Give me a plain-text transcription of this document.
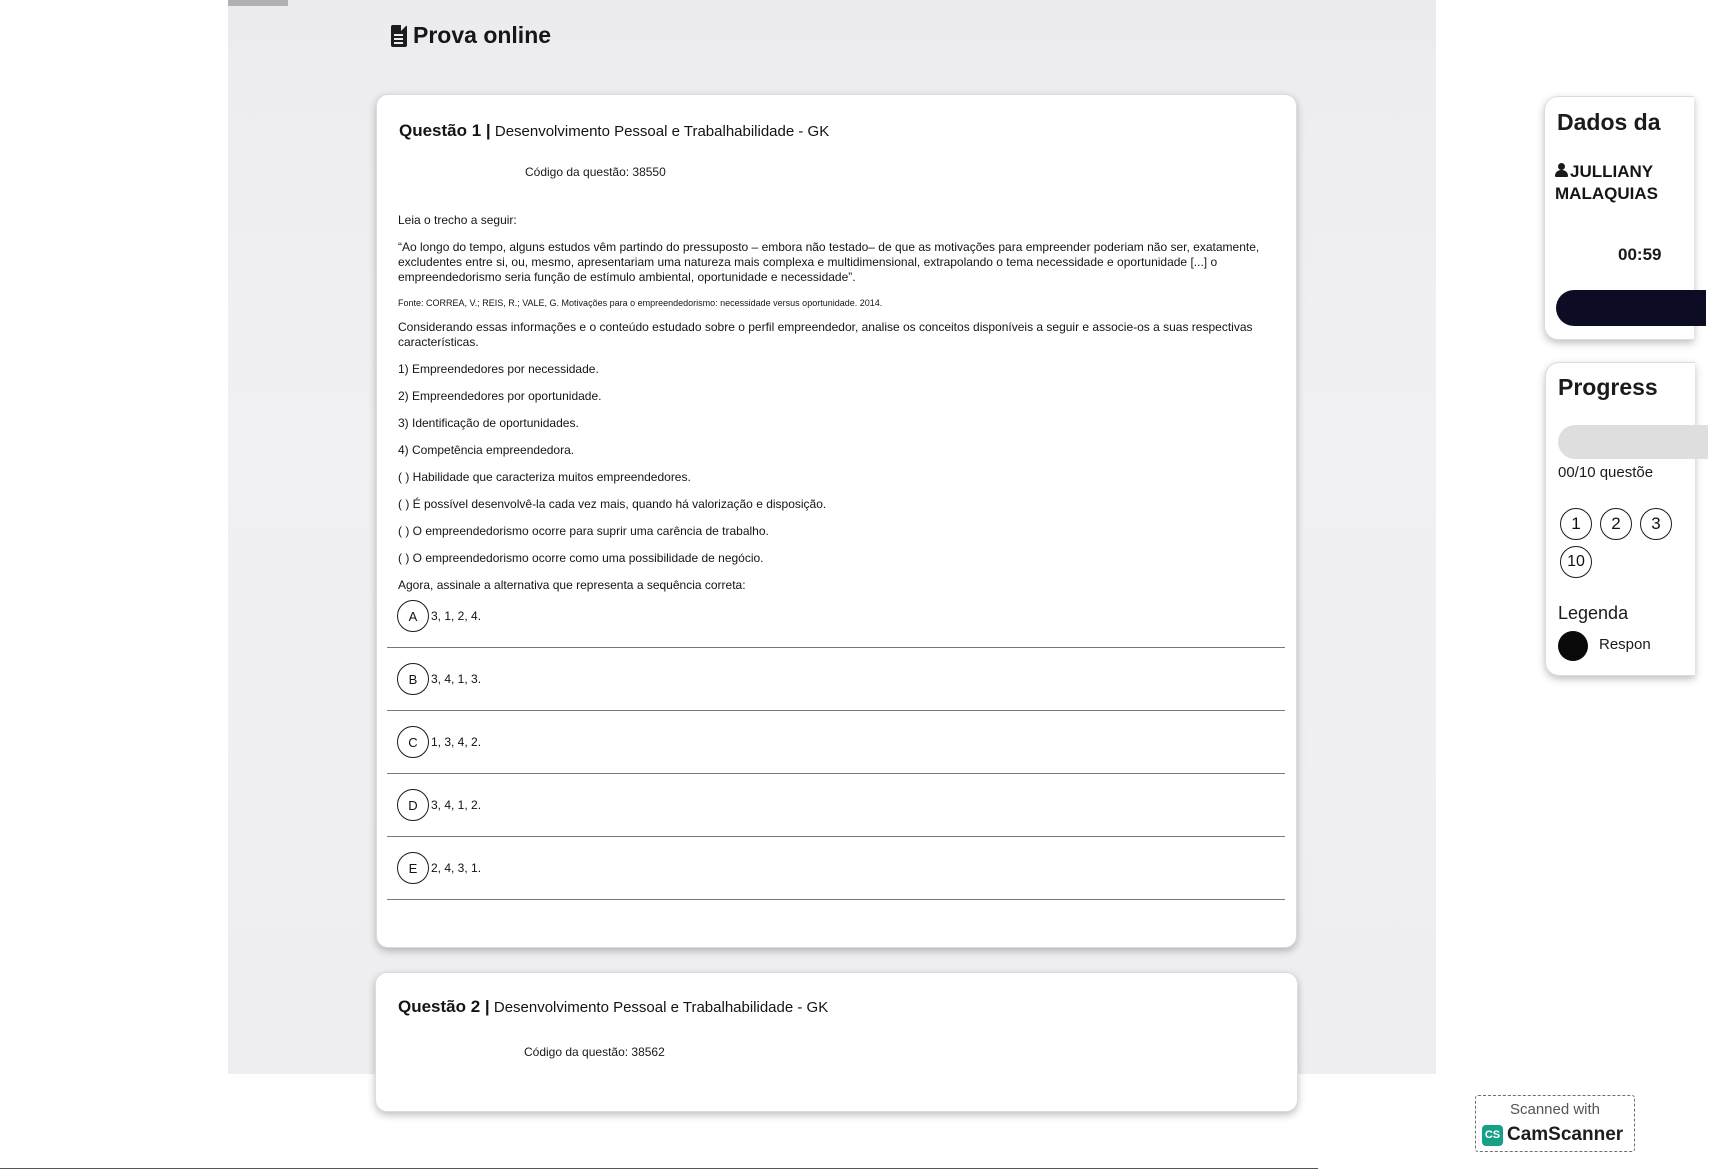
Prova online
Questão 1 | Desenvolvimento Pessoal e Trabalhabilidade - GK
Código da questão: 38550

Leia o trecho a seguir:

“Ao longo do tempo, alguns estudos vêm partindo do pressuposto – embora não testado– de que as motivações para empreender poderiam não ser, exatamente, excludentes entre si, ou, mesmo, apresentariam uma natureza mais complexa e multidimensional, extrapolando o tema necessidade e oportunidade [...] o empreendedorismo seria função de estímulo ambiental, oportunidade e necessidade”.

Fonte: CORREA, V.; REIS, R.; VALE, G. Motivações para o empreendedorismo: necessidade versus oportunidade. 2014.

Considerando essas informações e o conteúdo estudado sobre o perfil empreendedor, analise os conceitos disponíveis a seguir e associe-os a suas respectivas características.

1) Empreendedores por necessidade.

2) Empreendedores por oportunidade.

3) Identificação de oportunidades.

4) Competência empreendedora.

( ) Habilidade que caracteriza muitos empreendedores.

( ) É possível desenvolvê-la cada vez mais, quando há valorização e disposição.

( ) O empreendedorismo ocorre para suprir uma carência de trabalho.

( ) O empreendedorismo ocorre como uma possibilidade de negócio.

Agora, assinale a alternativa que representa a sequência correta:

A	3, 1, 2, 4.
B	3, 4, 1, 3.
C	1, 3, 4, 2.
D	3, 4, 1, 2.
E	2, 4, 3, 1.
Questão 2 | Desenvolvimento Pessoal e Trabalhabilidade - GK
Código da questão: 38562
Dados da
JULLIANY
MALAQUIAS
00:59
Progress
00/10 questõe
1	2	3
10
Legenda
Respon
Scanned with
CS CamScanner
